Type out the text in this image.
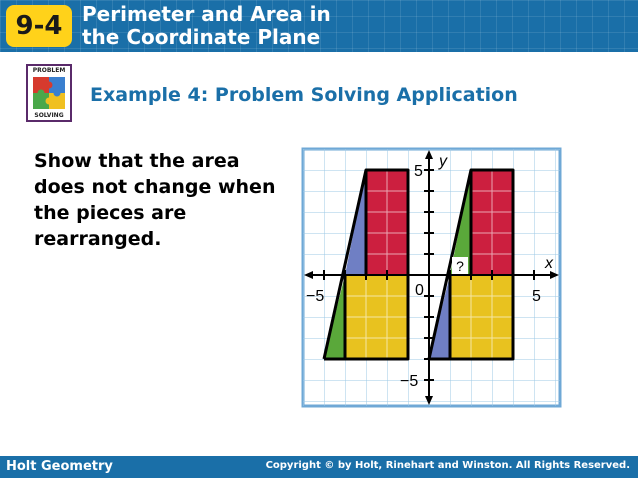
9-4 Perimeter and Area in
the Coordinate Plane
PROBLEM
SOLVING
Example 4: Problem Solving Application
Show that the area does not change when the pieces are rearranged.
?
y
x
5
−5	0	5
−5
Holt Geometry	Copyright © by Holt, Rinehart and Winston. All Rights Reserved.
